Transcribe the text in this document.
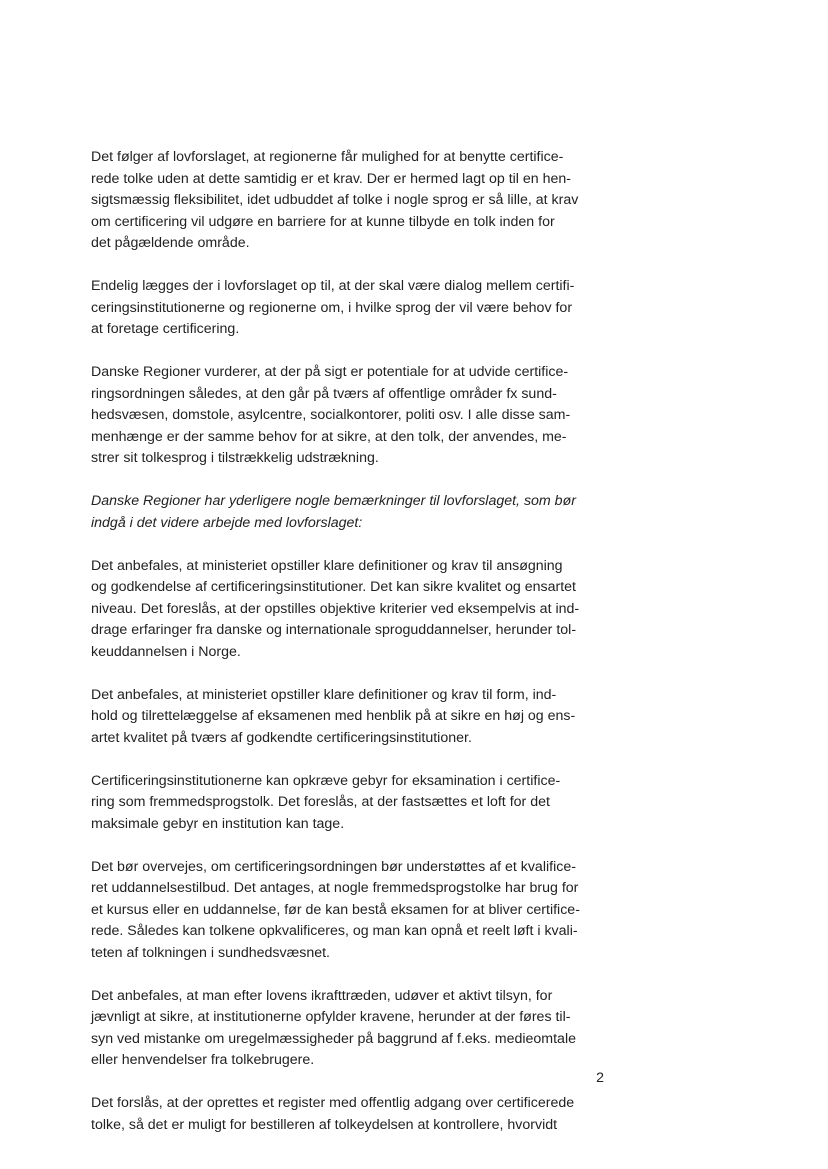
Det følger af lovforslaget, at regionerne får mulighed for at benytte certifice-
rede tolke uden at dette samtidig er et krav. Der er hermed lagt op til en hen-
sigtsmæssig fleksibilitet, idet udbuddet af tolke i nogle sprog er så lille, at krav
om certificering vil udgøre en barriere for at kunne tilbyde en tolk inden for
det pågældende område.

Endelig lægges der i lovforslaget op til, at der skal være dialog mellem certifi-
ceringsinstitutionerne og regionerne om, i hvilke sprog der vil være behov for
at foretage certificering.

Danske Regioner vurderer, at der på sigt er potentiale for at udvide certifice-
ringsordningen således, at den går på tværs af offentlige områder fx sund-
hedsvæsen, domstole, asylcentre, socialkontorer, politi osv. I alle disse sam-
menhænge er der samme behov for at sikre, at den tolk, der anvendes, me-
strer sit tolkesprog i tilstrækkelig udstrækning.

Danske Regioner har yderligere nogle bemærkninger til lovforslaget, som bør
indgå i det videre arbejde med lovforslaget:

Det anbefales, at ministeriet opstiller klare definitioner og krav til ansøgning
og godkendelse af certificeringsinstitutioner. Det kan sikre kvalitet og ensartet
niveau. Det foreslås, at der opstilles objektive kriterier ved eksempelvis at ind-
drage erfaringer fra danske og internationale sproguddannelser, herunder tol-
keuddannelsen i Norge.

Det anbefales, at ministeriet opstiller klare definitioner og krav til form, ind-
hold og tilrettelæggelse af eksamenen med henblik på at sikre en høj og ens-
artet kvalitet på tværs af godkendte certificeringsinstitutioner.

Certificeringsinstitutionerne kan opkræve gebyr for eksamination i certifice-
ring som fremmedsprogstolk. Det foreslås, at der fastsættes et loft for det
maksimale gebyr en institution kan tage.

Det bør overvejes, om certificeringsordningen bør understøttes af et kvalifice-
ret uddannelsestilbud. Det antages, at nogle fremmedsprogstolke har brug for
et kursus eller en uddannelse, før de kan bestå eksamen for at bliver certifice-
rede. Således kan tolkene opkvalificeres, og man kan opnå et reelt løft i kvali-
teten af tolkningen i sundhedsvæsnet.

Det anbefales, at man efter lovens ikrafttræden, udøver et aktivt tilsyn, for
jævnligt at sikre, at institutionerne opfylder kravene, herunder at der føres til-
syn ved mistanke om uregelmæssigheder på baggrund af f.eks. medieomtale
eller henvendelser fra tolkebrugere.

Det forslås, at der oprettes et register med offentlig adgang over certificerede
tolke, så det er muligt for bestilleren af tolkeydelsen at kontrollere, hvorvidt

2
